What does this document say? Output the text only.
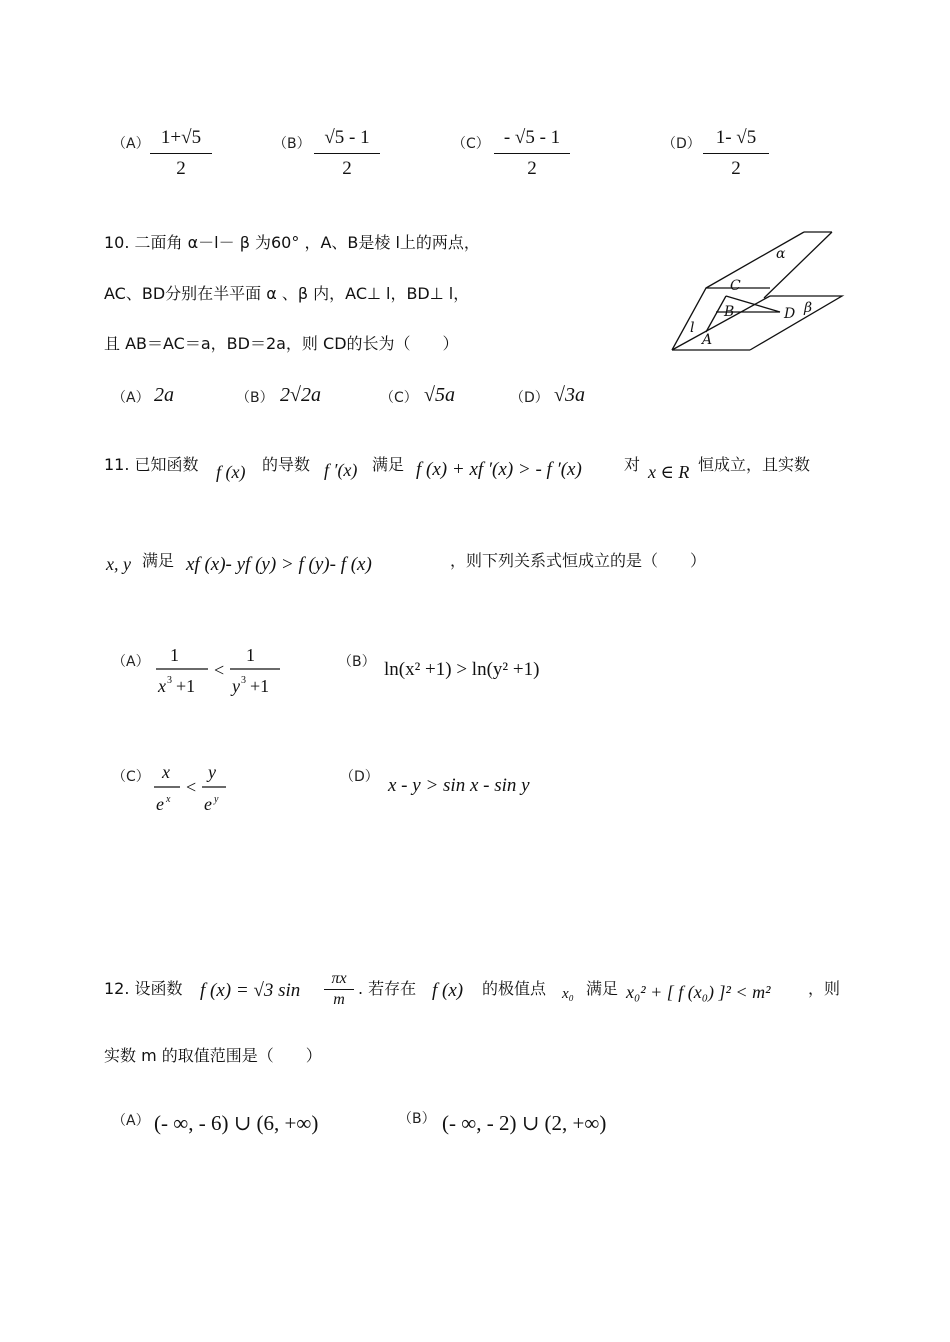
（A） 1+√5
2
（B） √5 - 1
2
（C） - √5 - 1
2
（D） 1- √5
2
10. 二面角 α－l－ β 为60° ，A、B是棱 l上的两点，
AC、BD分别在半平面 α 、β 内，AC⊥ l，BD⊥ l，
且 AB＝AC＝a，BD＝2a，则 CD的长为（　　）
α
C
B	D β
l
A
（A） 2a	（B） 2√2a	（C） √5a	（D） √3a
11. 已知函数 f (x) 的导数 f ′(x) 满足 f (x) + xf ′(x) > - f ′(x)	对 x ∈ R 恒成立，且实数
x, y 满足 xf (x)- yf (y) > f (y)- f (x)	，则下列关系式恒成立的是（　　）
（A） 1
x 3 +1
<
1
y 3 +1
（B） ln(x² +1) > ln(y² +1)
（C） x
e x
<
y
e y
（D） x - y > sin x - sin y
12. 设函数 f (x) = √3 sin
πx
m
. 若存在 f (x) 的极值点 x₀ 满足 x₀² + [ f (x₀) ]² < m² ，则
实数 m 的取值范围是（　　）
（A） (- ∞, - 6) ∪ (6, +∞)	（B） (- ∞, - 2) ∪ (2, +∞)
